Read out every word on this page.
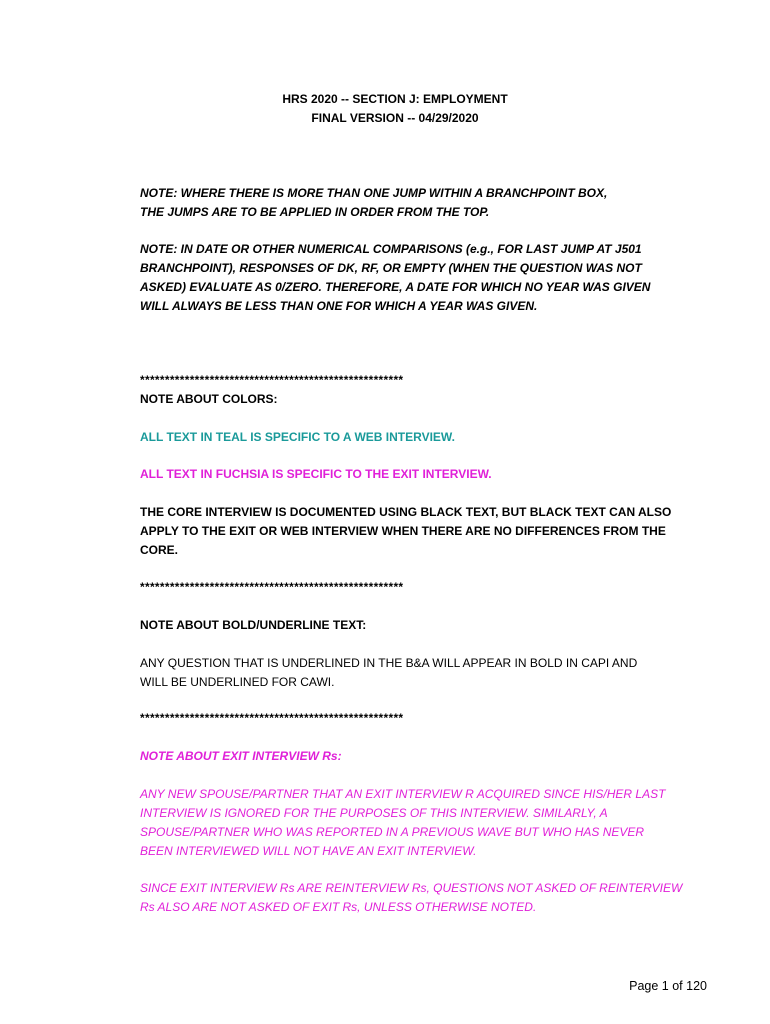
HRS 2020 -- SECTION J: EMPLOYMENT
FINAL VERSION -- 04/29/2020
NOTE: WHERE THERE IS MORE THAN ONE JUMP WITHIN A BRANCHPOINT BOX,
THE JUMPS ARE TO BE APPLIED IN ORDER FROM THE TOP.
NOTE: IN DATE OR OTHER NUMERICAL COMPARISONS (e.g., FOR LAST JUMP AT J501
BRANCHPOINT), RESPONSES OF DK, RF, OR EMPTY (WHEN THE QUESTION WAS NOT
ASKED) EVALUATE AS 0/ZERO. THEREFORE, A DATE FOR WHICH NO YEAR WAS GIVEN
WILL ALWAYS BE LESS THAN ONE FOR WHICH A YEAR WAS GIVEN.
*****************************************************
NOTE ABOUT COLORS:
ALL TEXT IN TEAL IS SPECIFIC TO A WEB INTERVIEW.
ALL TEXT IN FUCHSIA IS SPECIFIC TO THE EXIT INTERVIEW.
THE CORE INTERVIEW IS DOCUMENTED USING BLACK TEXT, BUT BLACK TEXT CAN ALSO
APPLY TO THE EXIT OR WEB INTERVIEW WHEN THERE ARE NO DIFFERENCES FROM THE
CORE.
*****************************************************
NOTE ABOUT BOLD/UNDERLINE TEXT:
ANY QUESTION THAT IS UNDERLINED IN THE B&A WILL APPEAR IN BOLD IN CAPI AND
WILL BE UNDERLINED FOR CAWI.
*****************************************************
NOTE ABOUT EXIT INTERVIEW Rs:
ANY NEW SPOUSE/PARTNER THAT AN EXIT INTERVIEW R ACQUIRED SINCE HIS/HER LAST
INTERVIEW IS IGNORED FOR THE PURPOSES OF THIS INTERVIEW. SIMILARLY, A
SPOUSE/PARTNER WHO WAS REPORTED IN A PREVIOUS WAVE BUT WHO HAS NEVER
BEEN INTERVIEWED WILL NOT HAVE AN EXIT INTERVIEW.
SINCE EXIT INTERVIEW Rs ARE REINTERVIEW Rs, QUESTIONS NOT ASKED OF REINTERVIEW
Rs ALSO ARE NOT ASKED OF EXIT Rs, UNLESS OTHERWISE NOTED.
Page 1 of 120
